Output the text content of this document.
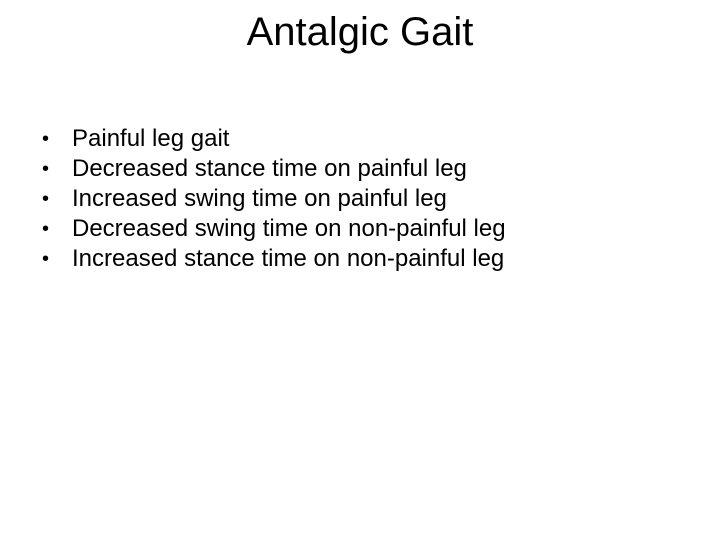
Antalgic Gait
• Painful leg gait
• Decreased stance time on painful leg
• Increased swing time on painful leg
• Decreased swing time on non-painful leg
• Increased stance time on non-painful leg
